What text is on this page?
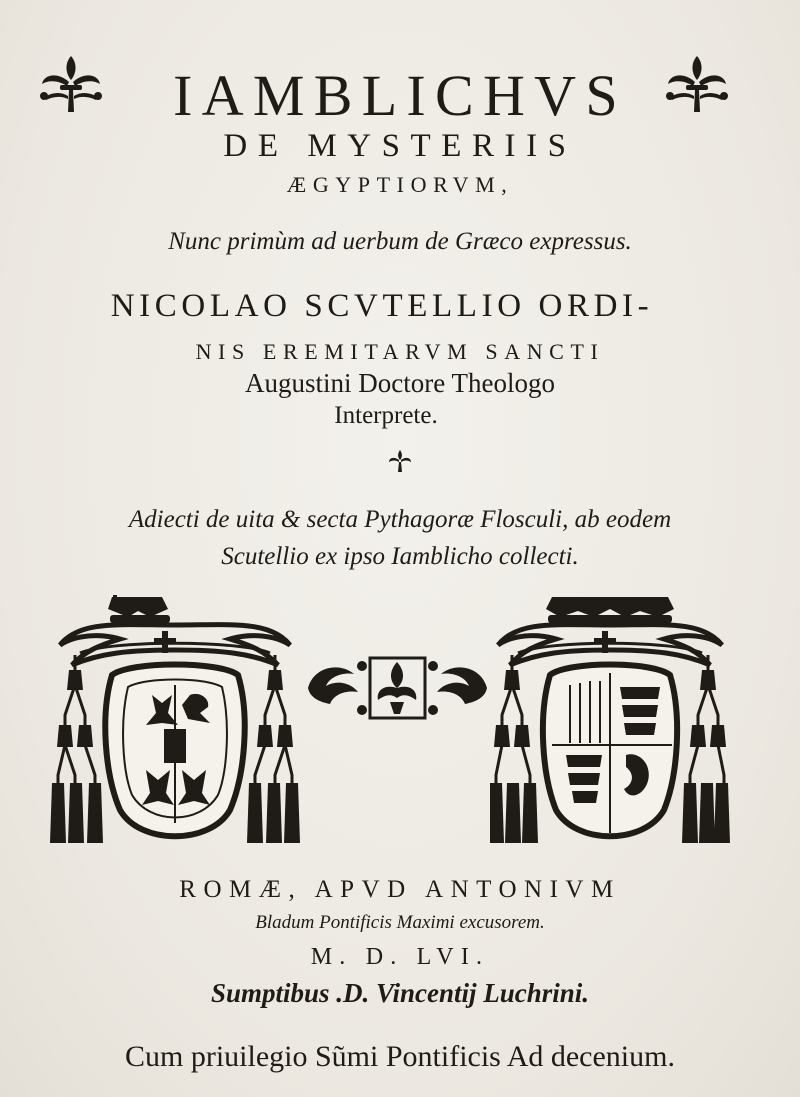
IAMBLICHVS
DE MYSTERIIS
ÆGYPTIORVM,
Nunc primùm ad uerbum de Græco expressus.
NICOLAO SCVTELLIO ORDI-
NIS EREMITARVM SANCTI
Augustini Doctore Theologo
Interprete.
Adiecti de uita & secta Pythagoræ Flosculi, ab eodem
Scutellio ex ipso Iamblicho collecti.
ROMÆ, APVD ANTONIVM
Bladum Pontificis Maximi excusorem.
M. D. LVI.
Sumptibus .D. Vincentij Luchrini.
Cum priuilegio Sũmi Pontificis Ad decenium.
